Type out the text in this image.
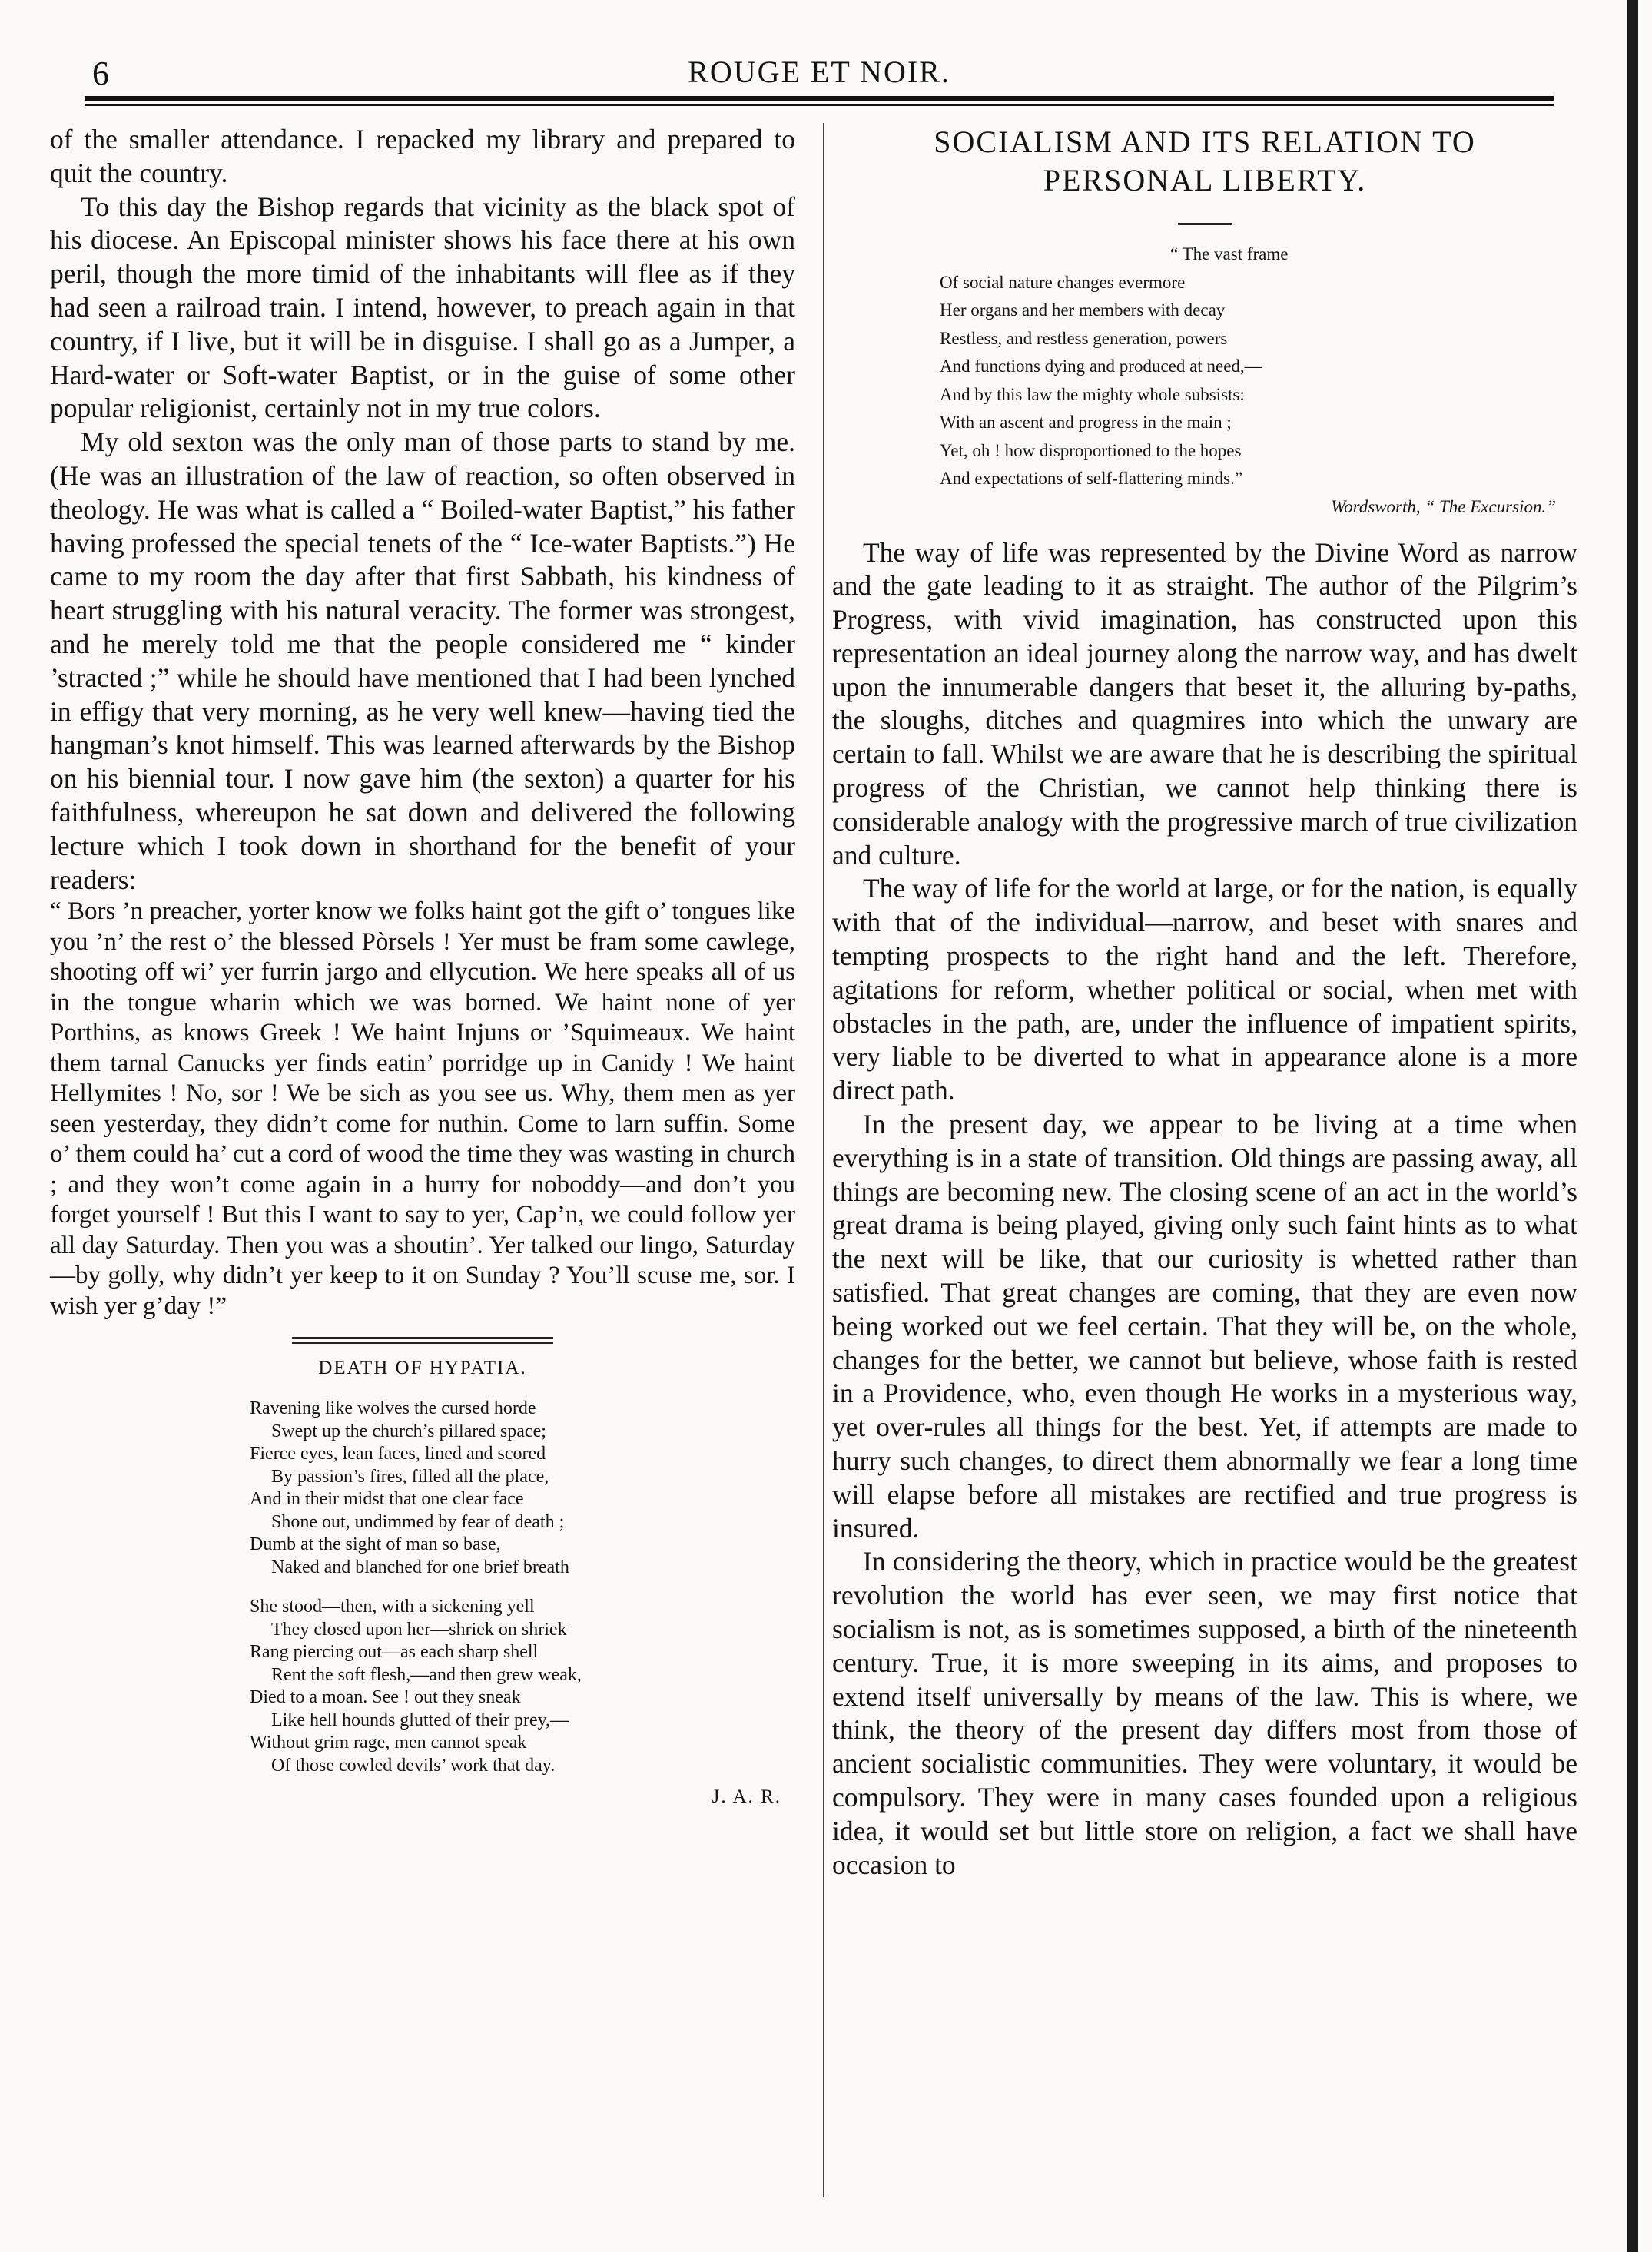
6	ROUGE ET NOIR.

of the smaller attendance. I repacked my library and prepared to quit the country.

To this day the Bishop regards that vicinity as the black spot of his diocese. An Episcopal minister shows his face there at his own peril, though the more timid of the inhabitants will flee as if they had seen a railroad train. I intend, however, to preach again in that country, if I live, but it will be in disguise. I shall go as a Jumper, a Hard-water or Soft-water Baptist, or in the guise of some other popular religionist, certainly not in my true colors.

My old sexton was the only man of those parts to stand by me. (He was an illustration of the law of reaction, so often observed in theology. He was what is called a “ Boiled-water Baptist,” his father having professed the special tenets of the “ Ice-water Baptists.”) He came to my room the day after that first Sabbath, his kindness of heart struggling with his natural veracity. The former was strongest, and he merely told me that the people considered me “ kinder ’stracted ;” while he should have mentioned that I had been lynched in effigy that very morning, as he very well knew—having tied the hangman’s knot himself. This was learned afterwards by the Bishop on his biennial tour. I now gave him (the sexton) a quarter for his faithfulness, whereupon he sat down and delivered the following lecture which I took down in shorthand for the benefit of your readers:

“ Bors ’n preacher, yorter know we folks haint got the gift o’ tongues like you ’n’ the rest o’ the blessed Pòrsels ! Yer must be fram some cawlege, shooting off wi’ yer furrin jargo and ellycution. We here speaks all of us in the tongue wharin which we was borned. We haint none of yer Porthins, as knows Greek ! We haint Injuns or ’Squimeaux. We haint them tarnal Canucks yer finds eatin’ porridge up in Canidy ! We haint Hellymites ! No, sor ! We be sich as you see us. Why, them men as yer seen yesterday, they didn’t come for nuthin. Come to larn suffin. Some o’ them could ha’ cut a cord of wood the time they was wasting in church ; and they won’t come again in a hurry for noboddy—and don’t you forget yourself ! But this I want to say to yer, Cap’n, we could follow yer all day Saturday. Then you was a shoutin’. Yer talked our lingo, Saturday—by golly, why didn’t yer keep to it on Sunday ? You’ll scuse me, sor. I wish yer g’day !”

DEATH OF HYPATIA.
Ravening like wolves the cursed horde
Swept up the church’s pillared space;
Fierce eyes, lean faces, lined and scored
By passion’s fires, filled all the place,
And in their midst that one clear face
Shone out, undimmed by fear of death ;
Dumb at the sight of man so base,
Naked and blanched for one brief breath
She stood—then, with a sickening yell
They closed upon her—shriek on shriek
Rang piercing out—as each sharp shell
Rent the soft flesh,—and then grew weak,
Died to a moan. See ! out they sneak
Like hell hounds glutted of their prey,—
Without grim rage, men cannot speak
Of those cowled devils’ work that day.
J. A. R.

SOCIALISM AND ITS RELATION TO

PERSONAL LIBERTY.

“ The vast frame
Of social nature changes evermore
Her organs and her members with decay
Restless, and restless generation, powers
And functions dying and produced at need,—
And by this law the mighty whole subsists:
With an ascent and progress in the main ;
Yet, oh ! how disproportioned to the hopes
And expectations of self-flattering minds.”
Wordsworth, “ The Excursion.”

The way of life was represented by the Divine Word as narrow and the gate leading to it as straight. The author of the Pilgrim’s Progress, with vivid imagination, has constructed upon this representation an ideal journey along the narrow way, and has dwelt upon the innumerable dangers that beset it, the alluring by-paths, the sloughs, ditches and quagmires into which the unwary are certain to fall. Whilst we are aware that he is describing the spiritual progress of the Christian, we cannot help thinking there is considerable analogy with the progressive march of true civilization and culture.

The way of life for the world at large, or for the nation, is equally with that of the individual—narrow, and beset with snares and tempting prospects to the right hand and the left. Therefore, agitations for reform, whether political or social, when met with obstacles in the path, are, under the influence of impatient spirits, very liable to be diverted to what in appearance alone is a more direct path.

In the present day, we appear to be living at a time when everything is in a state of transition. Old things are passing away, all things are becoming new. The closing scene of an act in the world’s great drama is being played, giving only such faint hints as to what the next will be like, that our curiosity is whetted rather than satisfied. That great changes are coming, that they are even now being worked out we feel certain. That they will be, on the whole, changes for the better, we cannot but believe, whose faith is rested in a Providence, who, even though He works in a mysterious way, yet over-rules all things for the best. Yet, if attempts are made to hurry such changes, to direct them abnormally we fear a long time will elapse before all mistakes are rectified and true progress is insured.

In considering the theory, which in practice would be the greatest revolution the world has ever seen, we may first notice that socialism is not, as is sometimes supposed, a birth of the nineteenth century. True, it is more sweeping in its aims, and proposes to extend itself universally by means of the law. This is where, we think, the theory of the present day differs most from those of ancient socialistic communities. They were voluntary, it would be compulsory. They were in many cases founded upon a religious idea, it would set but little store on religion, a fact we shall have occasion to
